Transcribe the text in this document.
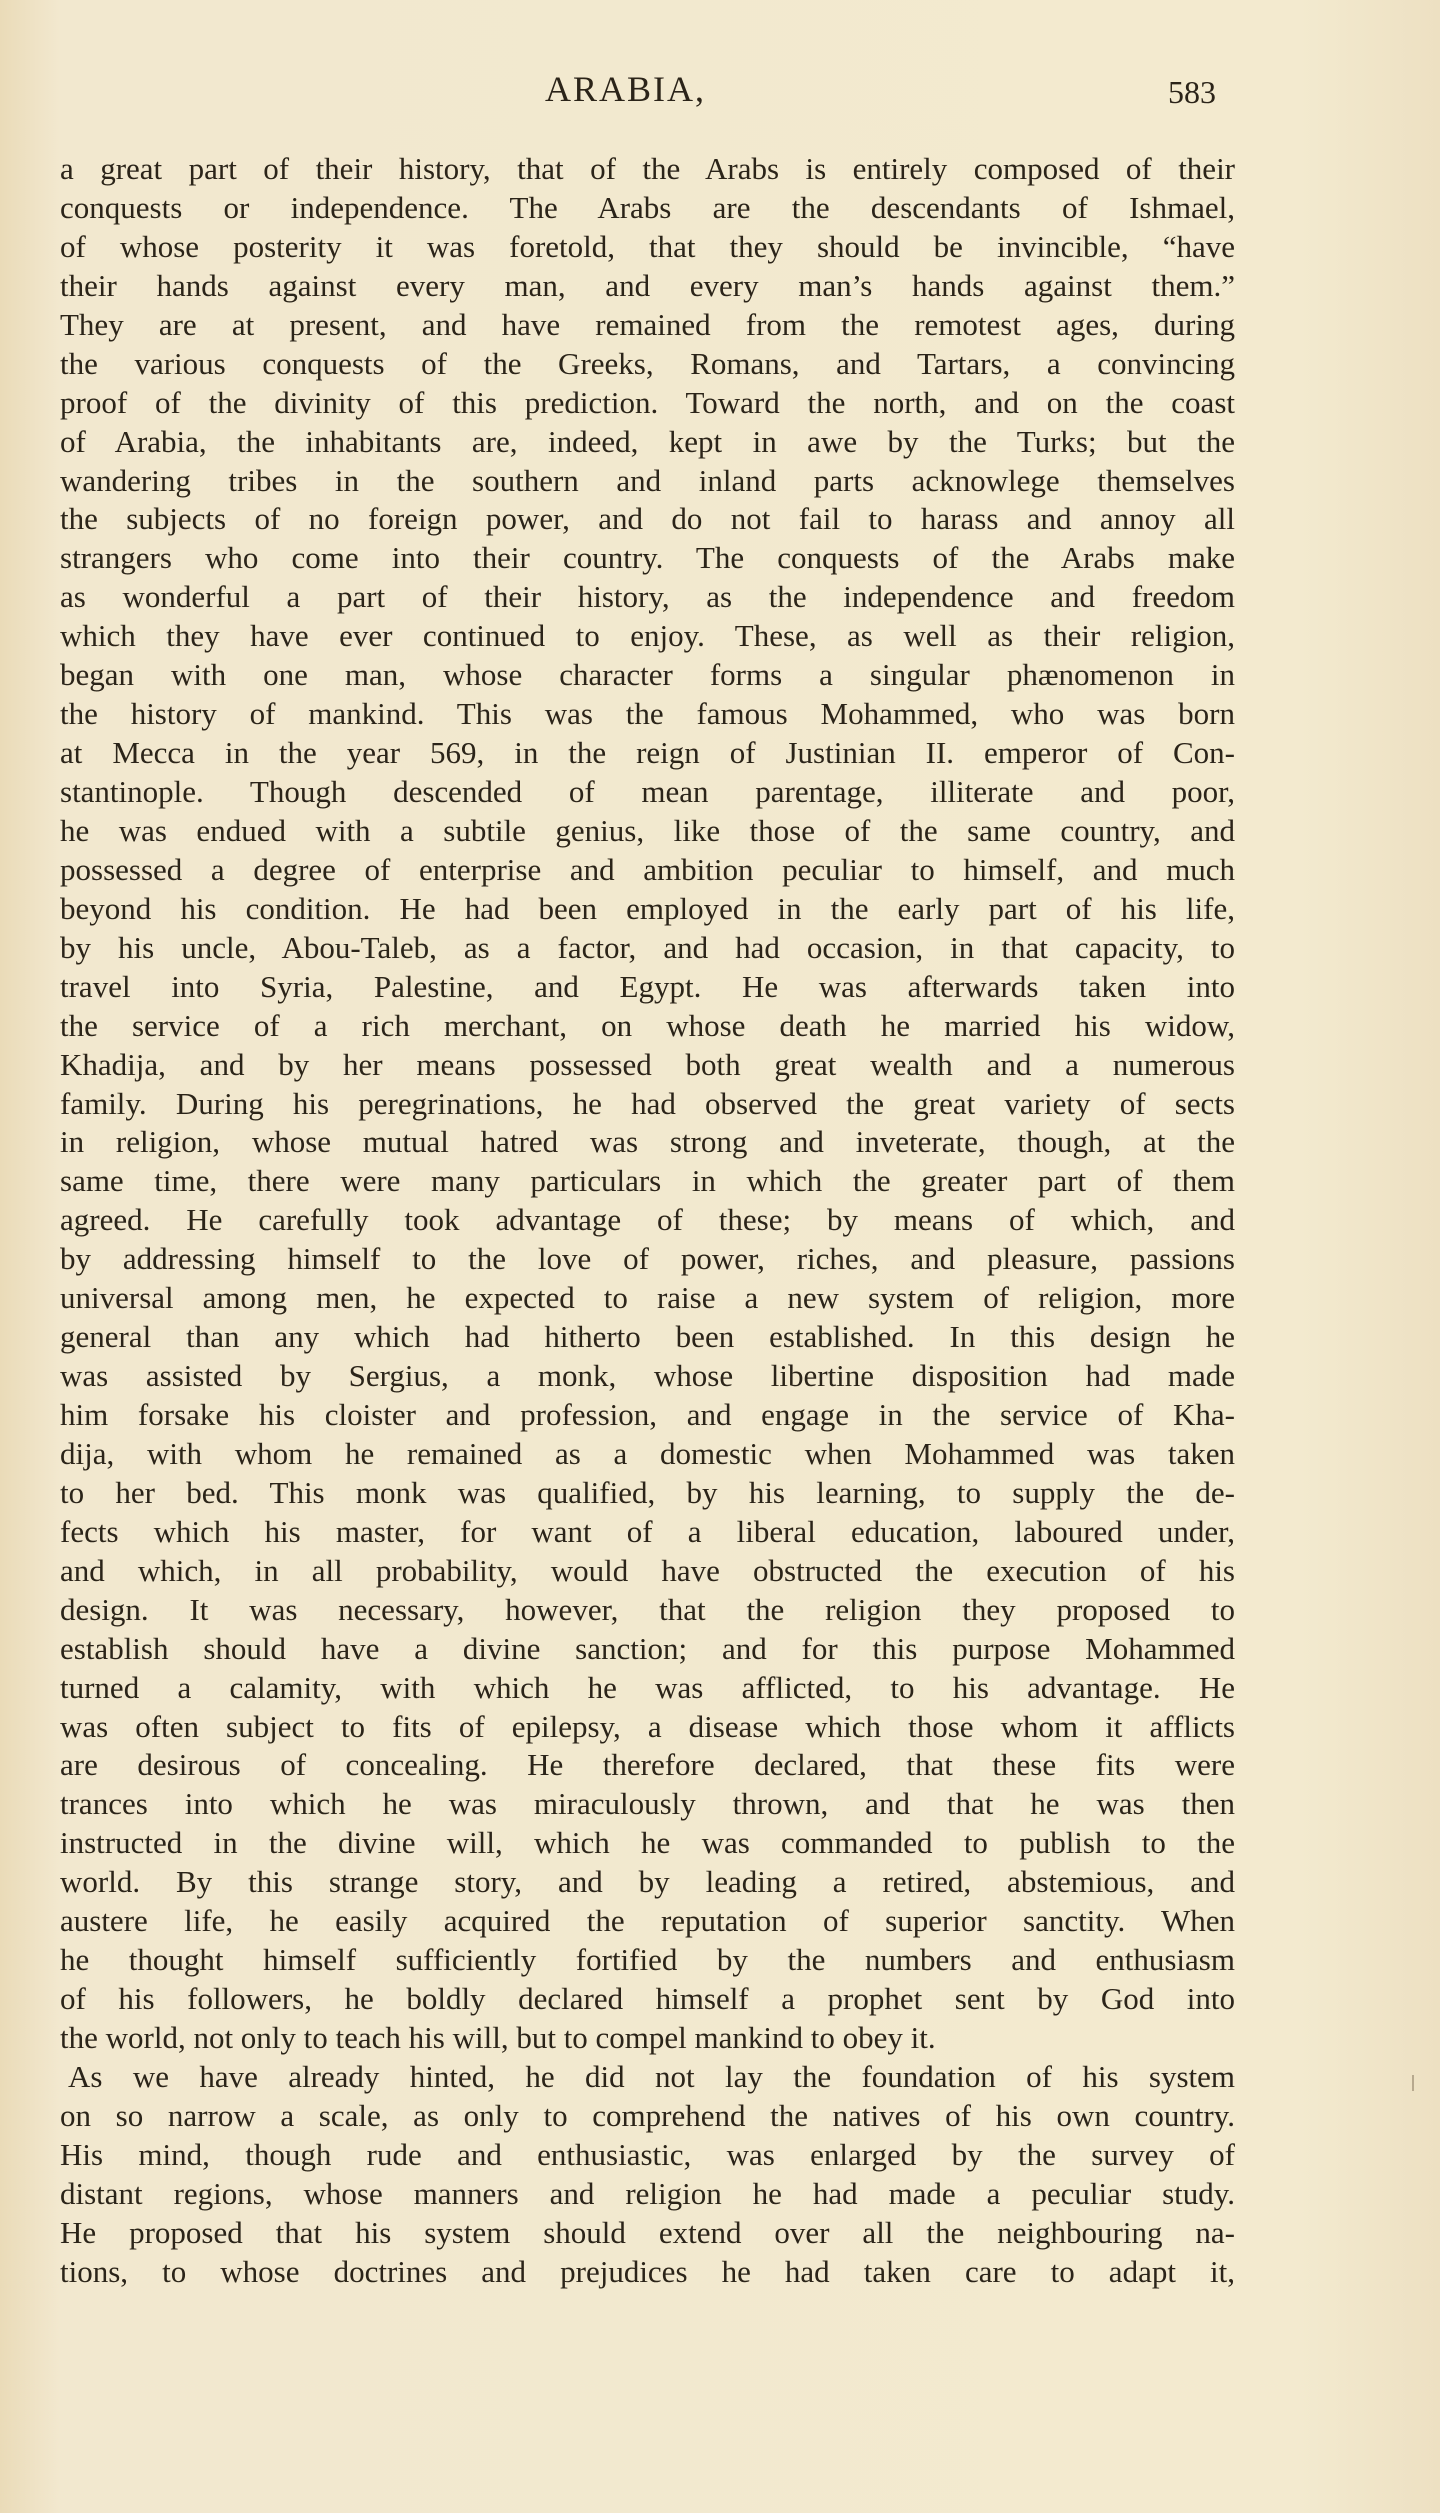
ARABIA,	583
a great part of their history, that of the Arabs is entirely composed of their
conquests or independence. The Arabs are the descendants of Ishmael,
of whose posterity it was foretold, that they should be invincible, “have
their hands against every man, and every man’s hands against them.”
They are at present, and have remained from the remotest ages, during
the various conquests of the Greeks, Romans, and Tartars, a convincing
proof of the divinity of this prediction. Toward the north, and on the coast
of Arabia, the inhabitants are, indeed, kept in awe by the Turks; but the
wandering tribes in the southern and inland parts acknowlege themselves
the subjects of no foreign power, and do not fail to harass and annoy all
strangers who come into their country. The conquests of the Arabs make
as wonderful a part of their history, as the independence and freedom
which they have ever continued to enjoy. These, as well as their religion,
began with one man, whose character forms a singular phænomenon in
the history of mankind. This was the famous Mohammed, who was born
at Mecca in the year 569, in the reign of Justinian II. emperor of Con-
stantinople. Though descended of mean parentage, illiterate and poor,
he was endued with a subtile genius, like those of the same country, and
possessed a degree of enterprise and ambition peculiar to himself, and much
beyond his condition. He had been employed in the early part of his life,
by his uncle, Abou-Taleb, as a factor, and had occasion, in that capacity, to
travel into Syria, Palestine, and Egypt. He was afterwards taken into
the service of a rich merchant, on whose death he married his widow,
Khadija, and by her means possessed both great wealth and a numerous
family. During his peregrinations, he had observed the great variety of sects
in religion, whose mutual hatred was strong and inveterate, though, at the
same time, there were many particulars in which the greater part of them
agreed. He carefully took advantage of these; by means of which, and
by addressing himself to the love of power, riches, and pleasure, passions
universal among men, he expected to raise a new system of religion, more
general than any which had hitherto been established. In this design he
was assisted by Sergius, a monk, whose libertine disposition had made
him forsake his cloister and profession, and engage in the service of Kha-
dija, with whom he remained as a domestic when Mohammed was taken
to her bed. This monk was qualified, by his learning, to supply the de-
fects which his master, for want of a liberal education, laboured under,
and which, in all probability, would have obstructed the execution of his
design. It was necessary, however, that the religion they proposed to
establish should have a divine sanction; and for this purpose Mohammed
turned a calamity, with which he was afflicted, to his advantage. He
was often subject to fits of epilepsy, a disease which those whom it afflicts
are desirous of concealing. He therefore declared, that these fits were
trances into which he was miraculously thrown, and that he was then
instructed in the divine will, which he was commanded to publish to the
world. By this strange story, and by leading a retired, abstemious, and
austere life, he easily acquired the reputation of superior sanctity. When
he thought himself sufficiently fortified by the numbers and enthusiasm
of his followers, he boldly declared himself a prophet sent by God into
the world, not only to teach his will, but to compel mankind to obey it.
As we have already hinted, he did not lay the foundation of his system
on so narrow a scale, as only to comprehend the natives of his own country.
His mind, though rude and enthusiastic, was enlarged by the survey of
distant regions, whose manners and religion he had made a peculiar study.
He proposed that his system should extend over all the neighbouring na-
tions, to whose doctrines and prejudices he had taken care to adapt it,
